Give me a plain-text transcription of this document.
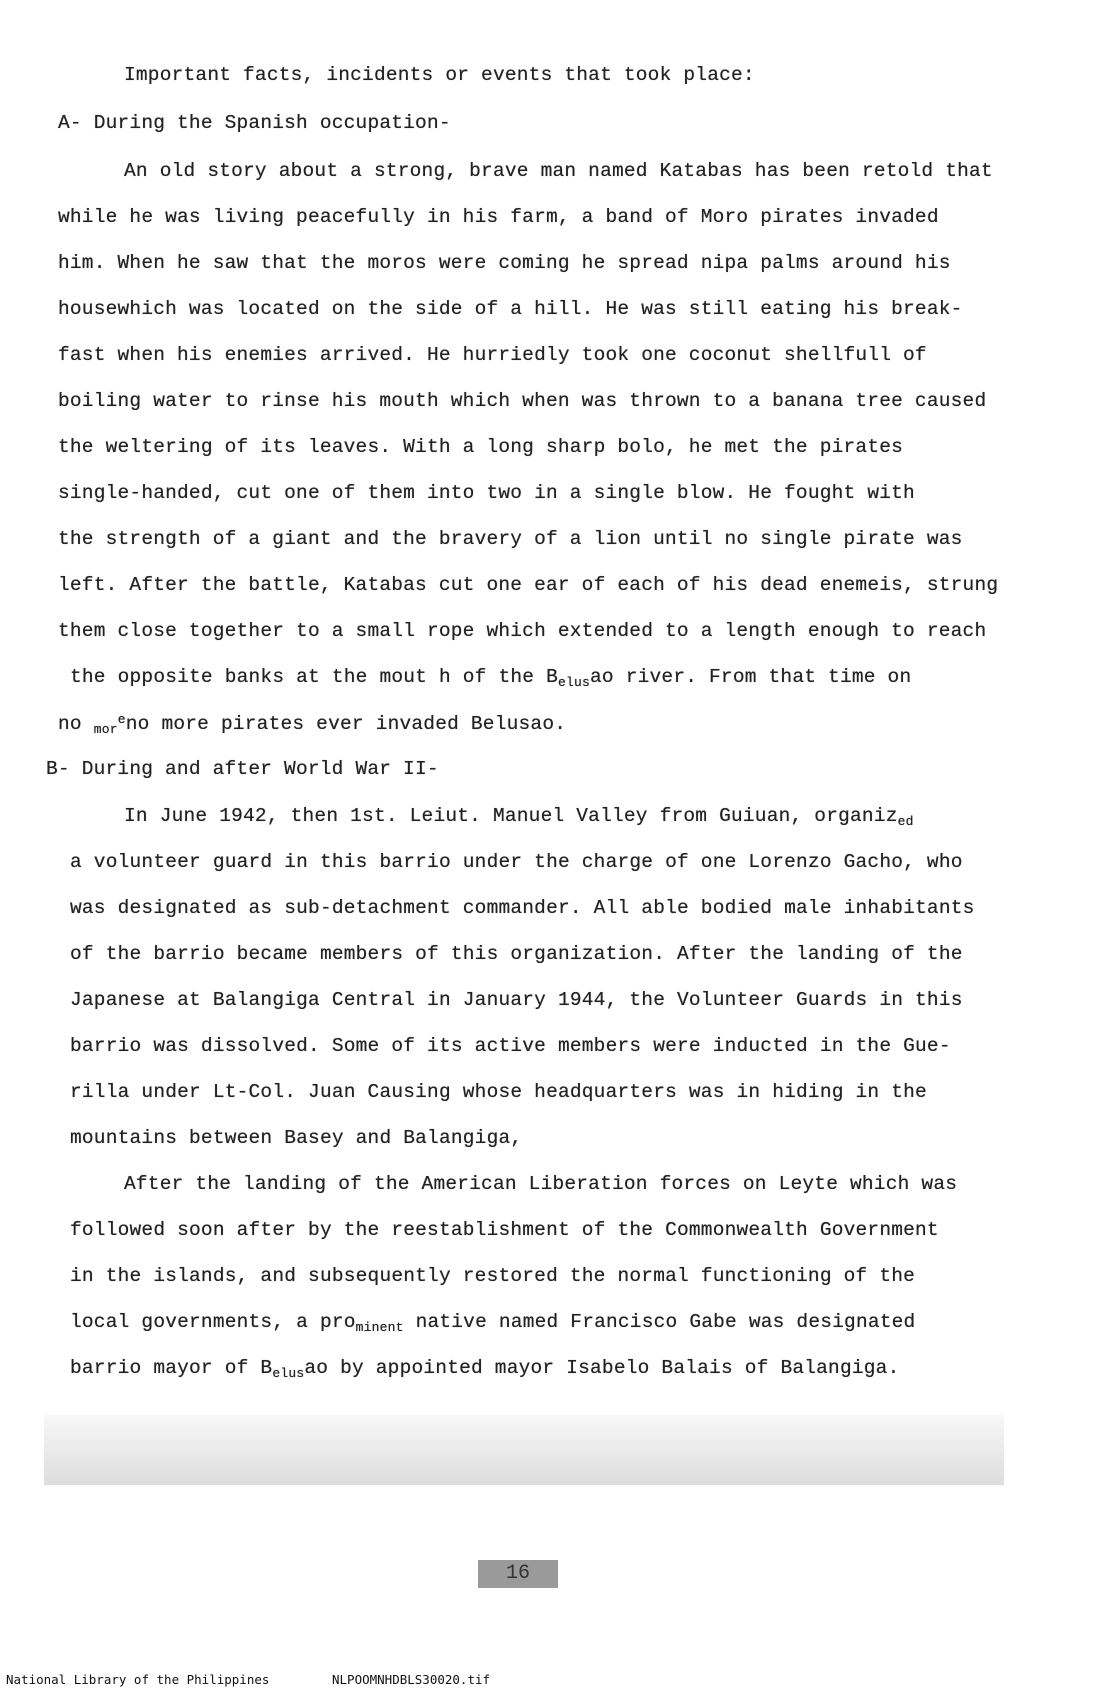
Important facts, incidents or events that took place:
A- During the Spanish occupation-
An old story about a strong, brave man named Katabas has been retold that
while he was living peacefully in his farm, a band of Moro pirates invaded
him. When he saw that the moros were coming he spread nipa palms around his
housewhich was located on the side of a hill. He was still eating his break-
fast when his enemies arrived. He hurriedly took one coconut shellfull of
boiling water to rinse his mouth which when was thrown to a banana tree caused
the weltering of its leaves. With a long sharp bolo, he met the pirates
single-handed, cut one of them into two in a single blow. He fought with
the strength of a giant and the bravery of a lion until no single pirate was
left. After the battle, Katabas cut one ear of each of his dead enemeis, strung
them close together to a small rope which extended to a length enough to reach
the opposite banks at the mout h of the $B_{elus}ao$ river. From that time on
no $_{mor}^e$no more pirates ever invaded Belusao.
B- During and after World War II-
In June 1942, then 1st. Leiut. Manuel Valley from Guiuan, organiz$_{ed}$
a volunteer guard in this barrio under the charge of one Lorenzo Gacho, who
was designated as sub-detachment commander. All able bodied male inhabitants
of the barrio became members of this organization. After the landing of the
Japanese at Balangiga Central in January 1944, the Volunteer Guards in this
barrio was dissolved. Some of its active members were inducted in the Gue-
rilla under Lt-Col. Juan Causing whose headquarters was in hiding in the
mountains between Basey and Balangiga,
After the landing of the American Liberation forces on Leyte which was
followed soon after by the reestablishment of the Commonwealth Government
in the islands, and subsequently restored the normal functioning of the
local governments, a pro$_{minent}$ native named Francisco Gabe was designated
barrio mayor of $B_{elus}ao$ by appointed mayor Isabelo Balais of Balangiga.
16
National Library of the Philippines	NLPOOMNHDBLS30020.tif
